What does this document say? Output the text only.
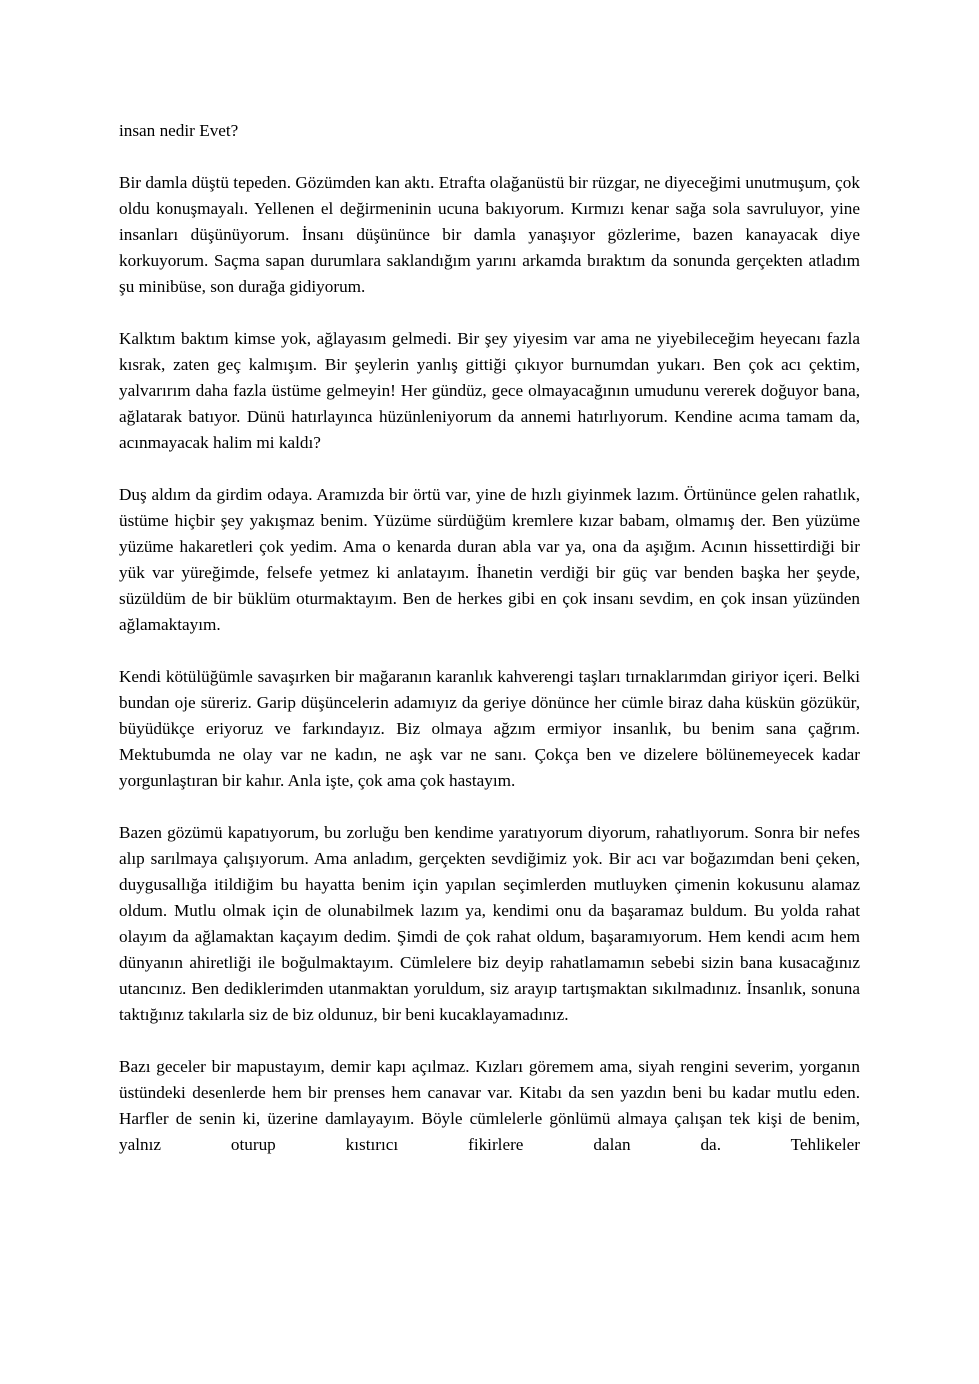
insan nedir Evet?

Bir damla düştü tepeden. Gözümden kan aktı. Etrafta olağanüstü bir rüzgar, ne diyeceğimi unutmuşum, çok oldu konuşmayalı. Yellenen el değirmeninin ucuna bakıyorum. Kırmızı kenar sağa sola savruluyor, yine insanları düşünüyorum. İnsanı düşününce bir damla yanaşıyor gözlerime, bazen kanayacak diye korkuyorum. Saçma sapan durumlara saklandığım yarını arkamda bıraktım da sonunda gerçekten atladım şu minibüse, son durağa gidiyorum.

Kalktım baktım kimse yok, ağlayasım gelmedi. Bir şey yiyesim var ama ne yiyebileceğim heyecanı fazla kısrak, zaten geç kalmışım. Bir şeylerin yanlış gittiği çıkıyor burnumdan yukarı. Ben çok acı çektim, yalvarırım daha fazla üstüme gelmeyin! Her gündüz, gece olmayacağının umudunu vererek doğuyor bana, ağlatarak batıyor. Dünü hatırlayınca hüzünleniyorum da annemi hatırlıyorum. Kendine acıma tamam da, acınmayacak halim mi kaldı?

Duş aldım da girdim odaya. Aramızda bir örtü var, yine de hızlı giyinmek lazım. Örtününce gelen rahatlık, üstüme hiçbir şey yakışmaz benim. Yüzüme sürdüğüm kremlere kızar babam, olmamış der. Ben yüzüme yüzüme hakaretleri çok yedim. Ama o kenarda duran abla var ya, ona da aşığım. Acının hissettirdiği bir yük var yüreğimde, felsefe yetmez ki anlatayım. İhanetin verdiği bir güç var benden başka her şeyde, süzüldüm de bir büklüm oturmaktayım. Ben de herkes gibi en çok insanı sevdim, en çok insan yüzünden ağlamaktayım.

Kendi kötülüğümle savaşırken bir mağaranın karanlık kahverengi taşları tırnaklarımdan giriyor içeri. Belki bundan oje süreriz. Garip düşüncelerin adamıyız da geriye dönünce her cümle biraz daha küskün gözükür, büyüdükçe eriyoruz ve farkındayız. Biz olmaya ağzım ermiyor insanlık, bu benim sana çağrım. Mektubumda ne olay var ne kadın, ne aşk var ne sanı. Çokça ben ve dizelere bölünemeyecek kadar yorgunlaştıran bir kahır. Anla işte, çok ama çok hastayım.

Bazen gözümü kapatıyorum, bu zorluğu ben kendime yaratıyorum diyorum, rahatlıyorum. Sonra bir nefes alıp sarılmaya çalışıyorum. Ama anladım, gerçekten sevdiğimiz yok. Bir acı var boğazımdan beni çeken, duygusallığa itildiğim bu hayatta benim için yapılan seçimlerden mutluyken çimenin kokusunu alamaz oldum. Mutlu olmak için de olunabilmek lazım ya, kendimi onu da başaramaz buldum. Bu yolda rahat olayım da ağlamaktan kaçayım dedim. Şimdi de çok rahat oldum, başaramıyorum. Hem kendi acım hem dünyanın ahiretliği ile boğulmaktayım. Cümlelere biz deyip rahatlamamın sebebi sizin bana kusacağınız utancınız. Ben dediklerimden utanmaktan yoruldum, siz arayıp tartışmaktan sıkılmadınız. İnsanlık, sonuna taktığınız takılarla siz de biz oldunuz, bir beni kucaklayamadınız.

Bazı geceler bir mapustayım, demir kapı açılmaz. Kızları göremem ama, siyah rengini severim, yorganın üstündeki desenlerde hem bir prenses hem canavar var. Kitabı da sen yazdın beni bu kadar mutlu eden. Harfler de senin ki, üzerine damlayayım. Böyle cümlelerle gönlümü almaya çalışan tek kişi de benim, yalnız oturup kıstırıcı fikirlere dalan da. Tehlikeler
